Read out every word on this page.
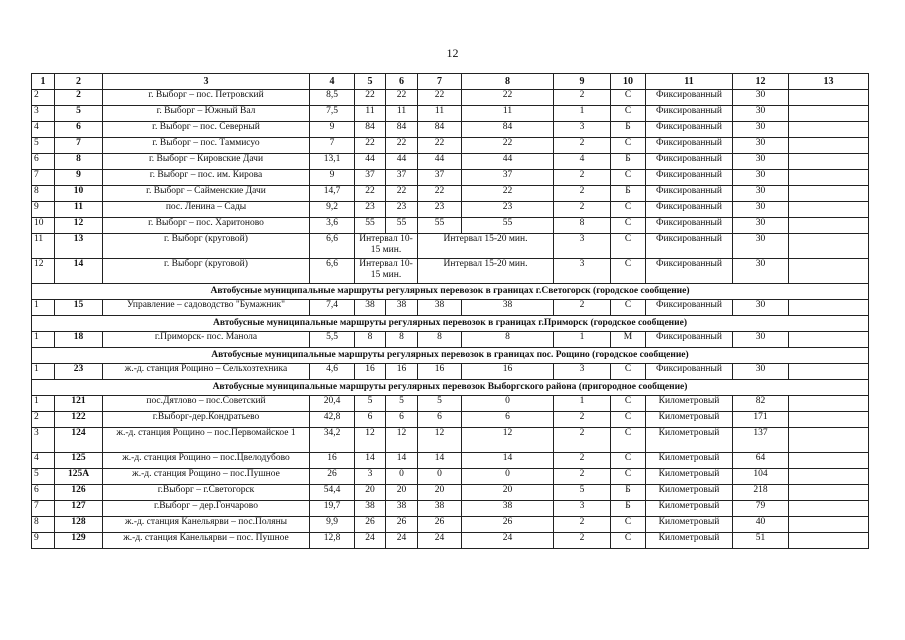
12
1	2	3	4	5	6	7	8	9	10	11	12	13
2	2	г. Выборг – пос. Петровский	8,5	22	22	22	22	2	С	Фиксированный	30	
3	5	г. Выборг – Южный Вал	7,5	11	11	11	11	1	С	Фиксированный	30	
4	6	г. Выборг – пос. Северный	9	84	84	84	84	3	Б	Фиксированный	30	
5	7	г. Выборг – пос. Таммисуо	7	22	22	22	22	2	С	Фиксированный	30	
6	8	г. Выборг – Кировские Дачи	13,1	44	44	44	44	4	Б	Фиксированный	30	
7	9	г. Выборг – пос. им. Кирова	9	37	37	37	37	2	С	Фиксированный	30	
8	10	г. Выборг – Сайменские Дачи	14,7	22	22	22	22	2	Б	Фиксированный	30	
9	11	пос. Ленина – Сады	9,2	23	23	23	23	2	С	Фиксированный	30	
10	12	г. Выборг – пос. Харитоново	3,6	55	55	55	55	8	С	Фиксированный	30	
11	13	г. Выборг (круговой)	6,6	Интервал 10-15 мин.		Интервал 15-20 мин.		3	С	Фиксированный	30	
12	14	г. Выборг (круговой)	6,6	Интервал 10-15 мин.		Интервал 15-20 мин.		3	С	Фиксированный	30	
Автобусные муниципальные маршруты регулярных перевозок в границах г.Светогорск (городское сообщение)												
1	15	Управление – садоводство "Бумажник"	7,4	38	38	38	38	2	С	Фиксированный	30	
Автобусные муниципальные маршруты регулярных перевозок в границах г.Приморск (городское сообщение)												
1	18	г.Приморск- пос. Манола	5,5	8	8	8	8	1	М	Фиксированный	30	
Автобусные муниципальные маршруты регулярных перевозок в границах пос. Рощино (городское сообщение)												
1	23	ж.-д. станция Рощино – Сельхозтехника	4,6	16	16	16	16	3	С	Фиксированный	30	
Автобусные муниципальные маршруты регулярных перевозок Выборгского района (пригородное сообщение)												
1	121	пос.Дятлово – пос.Советский	20,4	5	5	5	0	1	С	Километровый	82	
2	122	г.Выборг-дер.Кондратьево	42,8	6	6	6	6	2	С	Километровый	171	
3	124	ж.-д. станция Рощино – пос.Первомайское 1	34,2	12	12	12	12	2	С	Километровый	137	
4	125	ж.-д. станция Рощино – пос.Цвелодубово	16	14	14	14	14	2	С	Километровый	64	
5	125А	ж.-д. станция Рощино – пос.Пушное	26	3	0	0	0	2	С	Километровый	104	
6	126	г.Выборг – г.Светогорск	54,4	20	20	20	20	5	Б	Километровый	218	
7	127	г.Выборг – дер.Гончарово	19,7	38	38	38	38	3	Б	Километровый	79	
8	128	ж.-д. станция Канельярви – пос.Поляны	9,9	26	26	26	26	2	С	Километровый	40	
9	129	ж.-д. станция Канельярви – пос. Пушное	12,8	24	24	24	24	2	С	Километровый	51	
